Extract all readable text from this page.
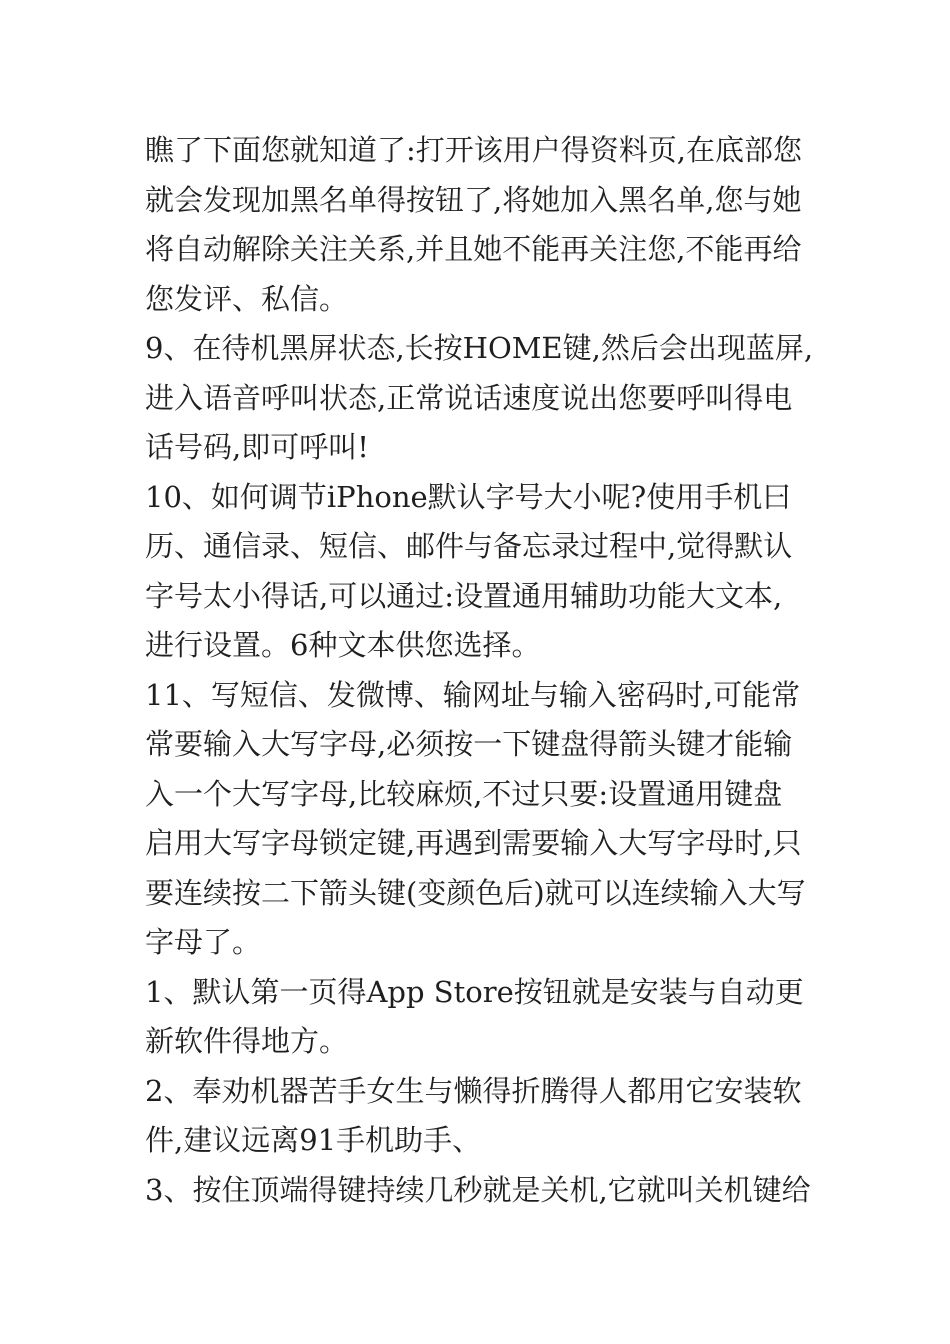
瞧了下面您就知道了:打开该用户得资料页,在底部您
就会发现加黑名单得按钮了,将她加入黑名单,您与她
将自动解除关注关系,并且她不能再关注您,不能再给
您发评、私信。

9、在待机黑屏状态,长按HOME键,然后会出现蓝屏,
进入语音呼叫状态,正常说话速度说出您要呼叫得电
话号码,即可呼叫!

10、如何调节iPhone默认字号大小呢?使用手机曰
历、通信录、短信、邮件与备忘录过程中,觉得默认
字号太小得话,可以通过:设置通用辅助功能大文本,
进行设置。6种文本供您选择。

11、写短信、发微博、输网址与输入密码时,可能常
常要输入大写字母,必须按一下键盘得箭头键才能输
入一个大写字母,比较麻烦,不过只要:设置通用键盘
启用大写字母锁定键,再遇到需要输入大写字母时,只
要连续按二下箭头键(变颜色后)就可以连续输入大写
字母了。

1、默认第一页得App Store按钮就是安装与自动更
新软件得地方。

2、奉劝机器苦手女生与懒得折腾得人都用它安装软
件,建议远离91手机助手、

3、按住顶端得键持续几秒就是关机,它就叫关机键给
